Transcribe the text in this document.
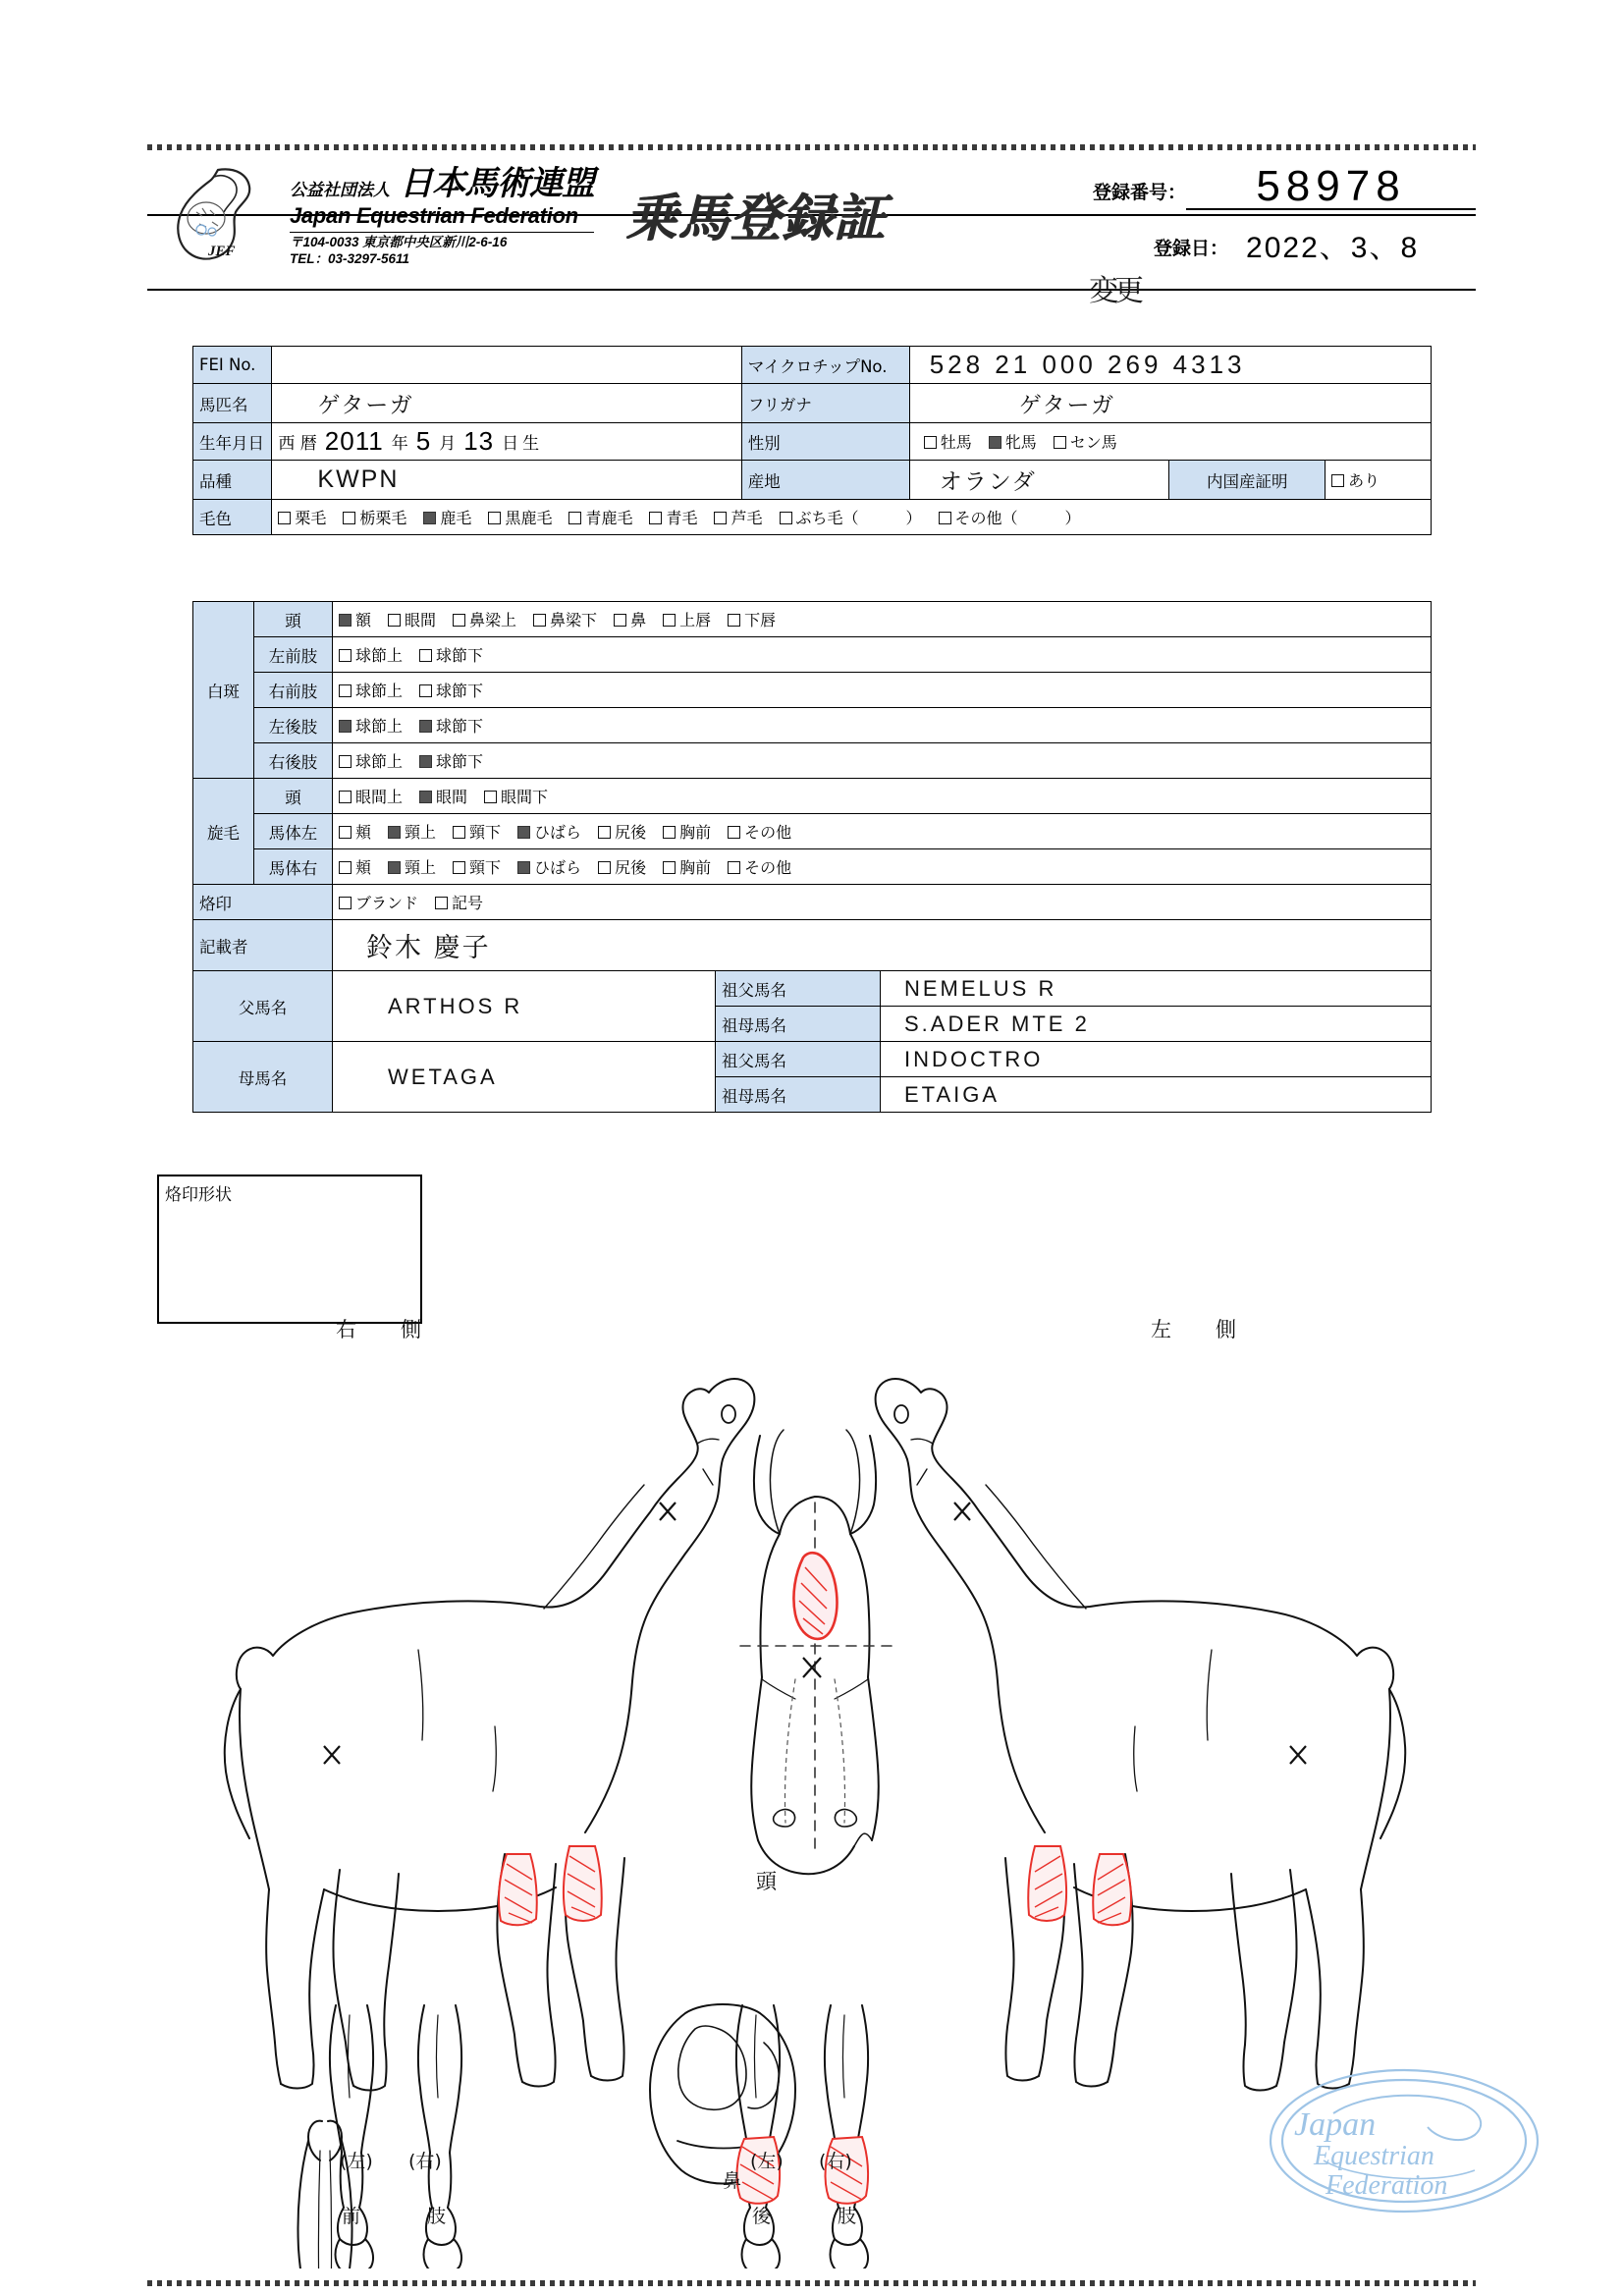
JEF
公益社団法人 日本馬術連盟
Japan Equestrian Federation
〒104-0033 東京都中央区新川2-6-16
TEL：03-3297-5611
乗馬登録証	登録番号：	58978
変更
登録日： 2022、3、8
FEI No.		マイクロチップNo.	528 21 000 269 4313		
馬匹名	ゲターガ	フリガナ	ゲターガ		
生年月日	西 暦 2011 年 5 月 13 日 生	性別	牡馬	牝馬	セン馬

品種	KWPN	産地	オランダ	内国産証明	あり
毛色	栗毛	栃栗毛	鹿毛	黒鹿毛	青鹿毛	青毛	芦毛	ぶち毛（　　　）	その他（　　　）
白斑	頭	額	眼間	鼻梁上	鼻梁下	鼻	上唇	下唇

	左前肢	球節上 球節下		

	右前肢	球節上 球節下		

	左後肢	球節上 球節下		

	右後肢	球節上 球節下		

旋毛	頭	眼間上 眼間 眼間下		

馬体左	頬	頸上	頸下	ひばら	尻後	胸前	その他

馬体右	頬	頸上	頸下	ひばら	尻後	胸前	その他

烙印		ブランド 記号		

記載者		鈴木 慶子		
父馬名		ARTHOS R	祖父馬名	NEMELUS R
			祖母馬名	S.ADER MTE 2
母馬名		WETAGA	祖父馬名	INDOCTRO
			祖母馬名	ETAIGA
烙印形状
右　側
頭
左　側
(左) (右)
前　　肢
鼻
(左) (右)
後　　肢
Japan
Equestrian
Federation
